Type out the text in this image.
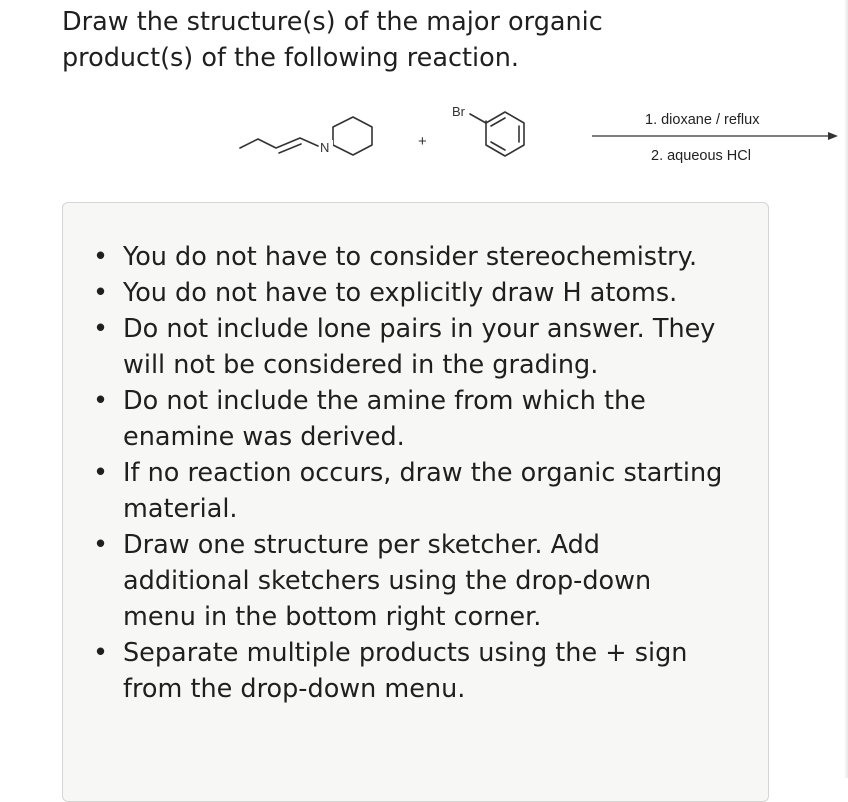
Draw the structure(s) of the major organic product(s) of the following reaction.

N	+
Br
1. dioxane / reflux
2. aqueous HCl
• You do not have to consider stereochemistry.
• You do not have to explicitly draw H atoms.
• Do not include lone pairs in your answer. They will not be considered in the grading.
• Do not include the amine from which the enamine was derived.
• If no reaction occurs, draw the organic starting material.
• Draw one structure per sketcher. Add additional sketchers using the drop-down menu in the bottom right corner.
• Separate multiple products using the + sign from the drop-down menu.
